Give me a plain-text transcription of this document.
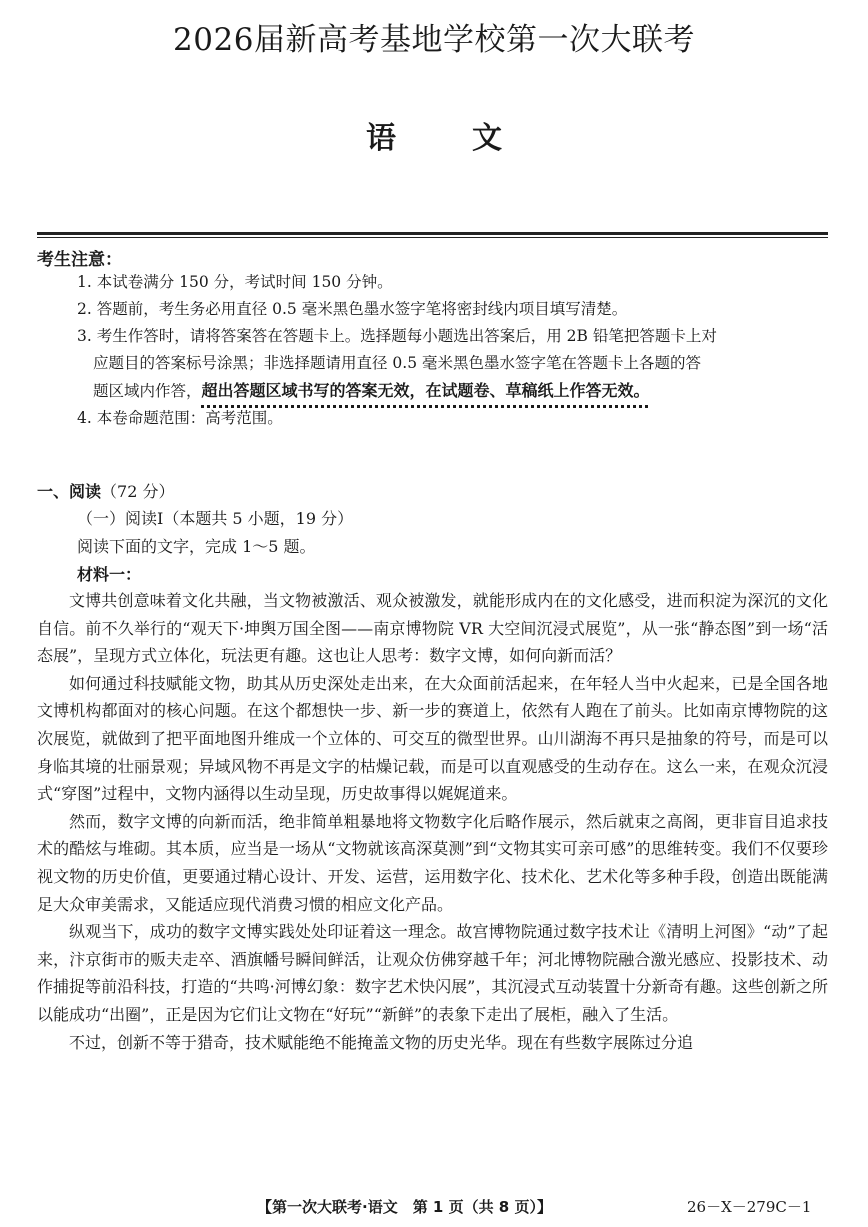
2026届新高考基地学校第一次大联考
语	文
考生注意：
1. 本试卷满分 150 分，考试时间 150 分钟。
2. 答题前，考生务必用直径 0.5 毫米黑色墨水签字笔将密封线内项目填写清楚。
3. 考生作答时，请将答案答在答题卡上。选择题每小题选出答案后，用 2B 铅笔把答题卡上对
应题目的答案标号涂黑；非选择题请用直径 0.5 毫米黑色墨水签字笔在答题卡上各题的答
题区域内作答，超出答题区域书写的答案无效，在试题卷、草稿纸上作答无效。
4. 本卷命题范围：高考范围。
一、阅读（72 分）
（一）阅读Ⅰ（本题共 5 小题，19 分）
阅读下面的文字，完成 1～5 题。
材料一：

文博共创意味着文化共融，当文物被激活、观众被激发，就能形成内在的文化感受，进而积淀为深沉的文化自信。前不久举行的“观天下·坤舆万国全图——南京博物院 VR 大空间沉浸式展览”，从一张“静态图”到一场“活态展”，呈现方式立体化，玩法更有趣。这也让人思考：数字文博，如何向新而活？

如何通过科技赋能文物，助其从历史深处走出来，在大众面前活起来，在年轻人当中火起来，已是全国各地文博机构都面对的核心问题。在这个都想快一步、新一步的赛道上，依然有人跑在了前头。比如南京博物院的这次展览，就做到了把平面地图升维成一个立体的、可交互的微型世界。山川湖海不再只是抽象的符号，而是可以身临其境的壮丽景观；异域风物不再是文字的枯燥记载，而是可以直观感受的生动存在。这么一来，在观众沉浸式“穿图”过程中，文物内涵得以生动呈现，历史故事得以娓娓道来。

然而，数字文博的向新而活，绝非简单粗暴地将文物数字化后略作展示，然后就束之高阁，更非盲目追求技术的酷炫与堆砌。其本质，应当是一场从“文物就该高深莫测”到“文物其实可亲可感”的思维转变。我们不仅要珍视文物的历史价值，更要通过精心设计、开发、运营，运用数字化、技术化、艺术化等多种手段，创造出既能满足大众审美需求，又能适应现代消费习惯的相应文化产品。

纵观当下，成功的数字文博实践处处印证着这一理念。故宫博物院通过数字技术让《清明上河图》“动”了起来，汴京街市的贩夫走卒、酒旗幡号瞬间鲜活，让观众仿佛穿越千年；河北博物院融合激光感应、投影技术、动作捕捉等前沿科技，打造的“共鸣·河博幻象：数字艺术快闪展”，其沉浸式互动装置十分新奇有趣。这些创新之所以能成功“出圈”，正是因为它们让文物在“好玩”“新鲜”的表象下走出了展柜，融入了生活。

不过，创新不等于猎奇，技术赋能绝不能掩盖文物的历史光华。现在有些数字展陈过分追

【第一次大联考·语文　第 1 页（共 8 页）】	26－X－279C－1
